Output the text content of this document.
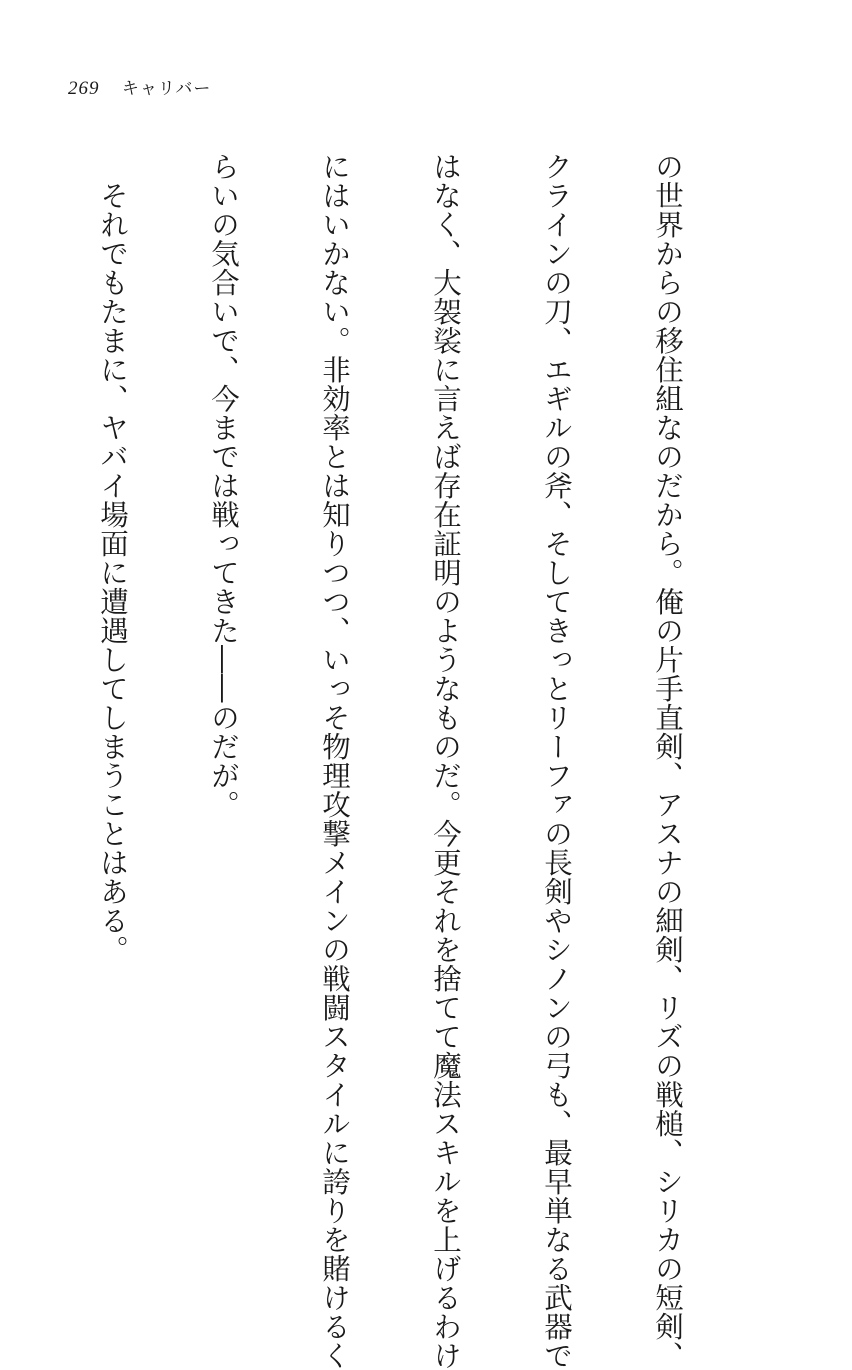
269 キャリバー

の世界からの移住組なのだから。俺の片手直剣、アスナの細剣、リズの戦槌、シリカの短剣、

クラインの刀、エギルの斧、そしてきっとリーファの長剣やシノンの弓も、最早単なる武器で

はなく、大袈裟に言えば存在証明のようなものだ。今更それを捨てて魔法スキルを上げるわけ

にはいかない。非効率とは知りつつ、いっそ物理攻撃メインの戦闘スタイルに誇りを賭けるく

らいの気合いで、今までは戦ってきた――のだが。

　それでもたまに、ヤバイ場面に遭遇してしまうことはある。
